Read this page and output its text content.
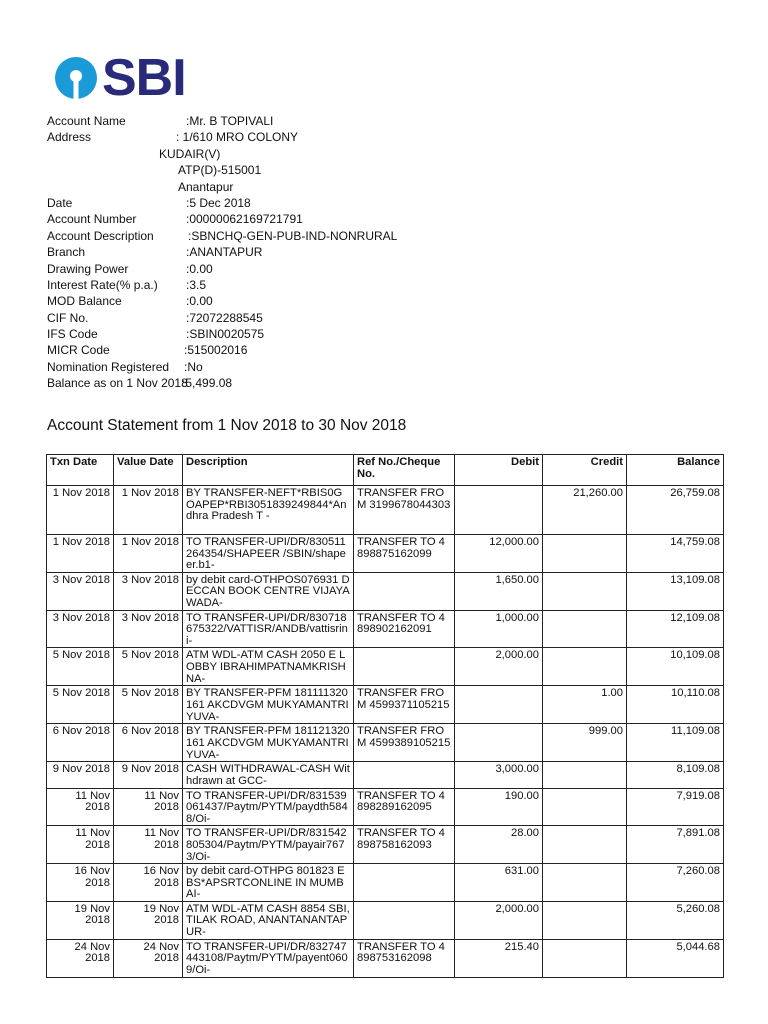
SBI
Account Name	:Mr. B TOPIVALI
Address	: 1/610 MRO COLONY
KUDAIR(V)
ATP(D)-515001
Anantapur
Date	:5 Dec 2018
Account Number	:00000062169721791
Account Description	:SBNCHQ-GEN-PUB-IND-NONRURAL
Branch	:ANANTAPUR
Drawing Power	:0.00
Interest Rate(% p.a.) :3.5
MOD Balance	:0.00
CIF No.	:72072288545
IFS Code	:SBIN0020575
MICR Code	:515002016
Nomination Registered :No
Balance as on 1 Nov 2018
:5,499.08
Account Statement from 1 Nov 2018 to 30 Nov 2018
Txn Date	Value Date	Description	Ref No./Cheque No.	Debit	Credit	Balance
1 Nov 2018	1 Nov 2018	BY TRANSFER-NEFT*RBIS0GOAPEP*RBI3051839249844*Andhra Pradesh T -	TRANSFER FROM 3199678044303		21,260.00	26,759.08
1 Nov 2018	1 Nov 2018	TO TRANSFER-UPI/DR/830511264354/SHAPEER /SBIN/shapeer.b1-	TRANSFER TO 4898875162099	12,000.00		14,759.08
3 Nov 2018	3 Nov 2018	by debit card-OTHPOS076931 DECCAN BOOK CENTRE VIJAYAWADA-		1,650.00		13,109.08
3 Nov 2018	3 Nov 2018	TO TRANSFER-UPI/DR/830718675322/VATTISR/ANDB/vattisrini-	TRANSFER TO 4898902162091	1,000.00		12,109.08
5 Nov 2018	5 Nov 2018	ATM WDL-ATM CASH 2050 E LOBBY IBRAHIMPATNAMKRISHNA-		2,000.00		10,109.08
5 Nov 2018	5 Nov 2018	BY TRANSFER-PFM 181111320161 AKCDVGM MUKYAMANTRI YUVA-	TRANSFER FROM 4599371105215		1.00	10,110.08
6 Nov 2018	6 Nov 2018	BY TRANSFER-PFM 181121320161 AKCDVGM MUKYAMANTRI YUVA-	TRANSFER FROM 4599389105215		999.00	11,109.08
9 Nov 2018	9 Nov 2018	CASH WITHDRAWAL-CASH Withdrawn at GCC-		3,000.00		8,109.08
11 Nov 2018	11 Nov 2018	TO TRANSFER-UPI/DR/831539061437/Paytm/PYTM/paydth5848/Oi-	TRANSFER TO 4898289162095	190.00		7,919.08
11 Nov 2018	11 Nov 2018	TO TRANSFER-UPI/DR/831542805304/Paytm/PYTM/payair7673/Oi-	TRANSFER TO 4898758162093	28.00		7,891.08
16 Nov 2018	16 Nov 2018	by debit card-OTHPG 801823 EBS*APSRTCONLINE IN MUMBAI-		631.00		7,260.08
19 Nov 2018	19 Nov 2018	ATM WDL-ATM CASH 8854 SBI, TILAK ROAD, ANANTANANTAPUR-		2,000.00		5,260.08
24 Nov 2018	24 Nov 2018	TO TRANSFER-UPI/DR/832747443108/Paytm/PYTM/payent0609/Oi-	TRANSFER TO 4898753162098	215.40		5,044.68
